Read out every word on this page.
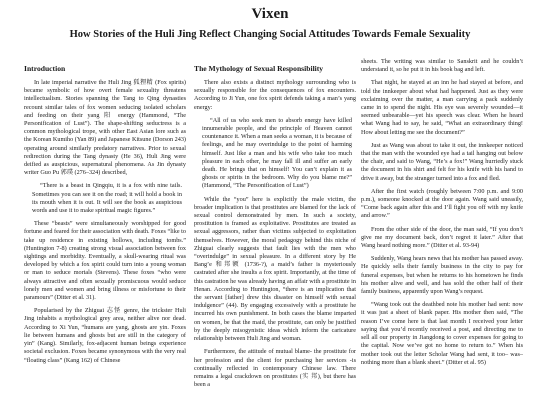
Vixen
How Stories of the Huli Jing Reflect Changing Social Attitudes Towards Female Sexuality
Introduction

In late imperial narrative the Huli Jing 狐狸精 (Fox spirits) became symbolic of how overt female sexuality threatens intellectualism. Stories spanning the Tang to Qing dynasties recount similar tales of fox women seducing isolated scholars and feeding on their yang 阳 energy (Hammond, “The Personification of Lust”). The shape-shifting seductress is a common mythological trope, with other East Asian lore such as the Korean Kumiho (Yan 89) and Japanese Kitsune (Dorson 243) operating around similarly predatory narratives. Prior to sexual redirection during the Tang dynasty (He 36), Huli Jing were deified as auspicious, supernatural phenomena. As Jin dynasty writer Guo Pu 郭璞 (276–324) described,

“There is a beast in Qingqiu, it is a fox with nine tails. Sometimes you can see it on the road; it will hold a book in its mouth when it is out. It will see the book as auspicious words and use it to make spiritual magic figures.”

These “beasts” were simultaneously worshipped for good fortune and feared for their association with death. Foxes “like to take up residence in existing hollows, including tombs.” (Huntington 7-8) creating strong visual association between fox sightings and morbidity. Eventually, a skull-wearing ritual was developed by which a fox spirit could turn into a young woman or man to seduce mortals (Stevens). These foxes “who were always attractive and often sexually promiscuous would seduce lonely men and women and bring illness or misfortune to their paramours” (Ditter et al. 31).

Popularised by the Zhiguai 志怪 genre, the trickster Huli Jing inhabits a mythological grey area, neither alive nor dead. According to Xi Yun, “humans are yang, ghosts are yin. Foxes lie between humans and ghosts but are still in the category of yin” (Kang). Similarly, fox-adjacent human beings experience societal exclusion. Foxes became synonymous with the very real “floating class” (Kang 162) of Chinese

The Mythology of Sexual Responsibility

There also exists a distinct mythology surrounding who is sexually responsible for the consequences of fox encounters. According to Ji Yun, one fox spirit defends taking a man’s yang energy:

“All of us who seek men to absorb energy have killed innumerable people, and the principle of Heaven cannot countenance it. When a man seeks a woman, it is because of feelings, and he may overindulge to the point of harming himself. Just like a man and his wife who take too much pleasure in each other, he may fall ill and suffer an early death. He brings that on himself! You can’t explain it as ghosts or spirits in the bedroom. Why do you blame me?” (Hammond, “The Personification of Lust”)

While the “you” here is explicitly the male victim, the broader implication is that prostitutes are blamed for the lack of sexual control demonstrated by men. In such a society, prostitution is framed as exploitative. Prostitutes are treated as sexual aggressors, rather than victims subjected to exploitation themselves. However, the moral pedagogy behind this niche of Zhiguai clearly suggests that fault lies with the men who “overindulge” in sexual pleasure. In a different story by He Bang’e 和邦额 (1736-?), a maid’s father is mysteriously castrated after she insults a fox spirit. Importantly, at the time of this castration he was already having an affair with a prostitute in Henan. According to Huntington, “there is an implication that the servant [father] drew this disaster on himself with sexual indulgence” (44). By engaging excessively with a prostitute he incurred his own punishment. In both cases the blame imparted on women, be that the maid, the prostitute, can only be justified by the deeply misogynistic ideas which inform the caricature relationship between Huli Jing and woman.

Furthermore, the attitude of mutual blame- the prostitute for her profession and the client for purchasing her services -is continually reflected in contemporary Chinese law. There remains a legal crackdown on prostitutes (实 邦), but there has been a

sheets. The writing was similar to Sanskrit and he couldn’t understand it, so he put it in his book bag and left.

That night, he stayed at an inn he had stayed at before, and told the innkeeper about what had happened. Just as they were exclaiming over the matter, a man carrying a pack suddenly came in to spend the night. His eye was severely wounded—it seemed unbearable—yet his speech was clear. When he heard what Wang had to say, he said, “What an extraordinary thing! How about letting me see the document?”

Just as Wang was about to take it out, the innkeeper noticed that the man with the wounded eye had a tail hanging out below the chair, and said to Wang, “He’s a fox!” Wang hurriedly stuck the document in his shirt and felt for his knife with his hand to drive it away, but the stranger turned into a fox and fled.

After the first watch (roughly between 7:00 p.m. and 9:00 p.m.), someone knocked at the door again. Wang said uneasily, “Come back again after this and I’ll fight you off with my knife and arrow.”

From the other side of the door, the man said, “If you don’t give me my document back, don’t regret it later.” After that Wang heard nothing more.” (Ditter et al. 93-94)

Suddenly, Wang hears news that his mother has passed away. He quickly sells their family business in the city to pay for funeral expenses, but when he returns to his hometown he finds his mother alive and well, and has sold the other half of their family business, apparently upon Wang’s request.

“Wang took out the deathbed note his mother had sent: now it was just a sheet of blank paper. His mother then said, “The reason I’ve come here is that last month I received your letter saying that you’d recently received a post, and directing me to sell all our property in Jiangdong to cover expenses for going to the capital. Now we’ve got no home to return to.” When his mother took out the letter Scholar Wang had sent, it too– was– nothing more than a blank sheet.” (Ditter et al. 95)
